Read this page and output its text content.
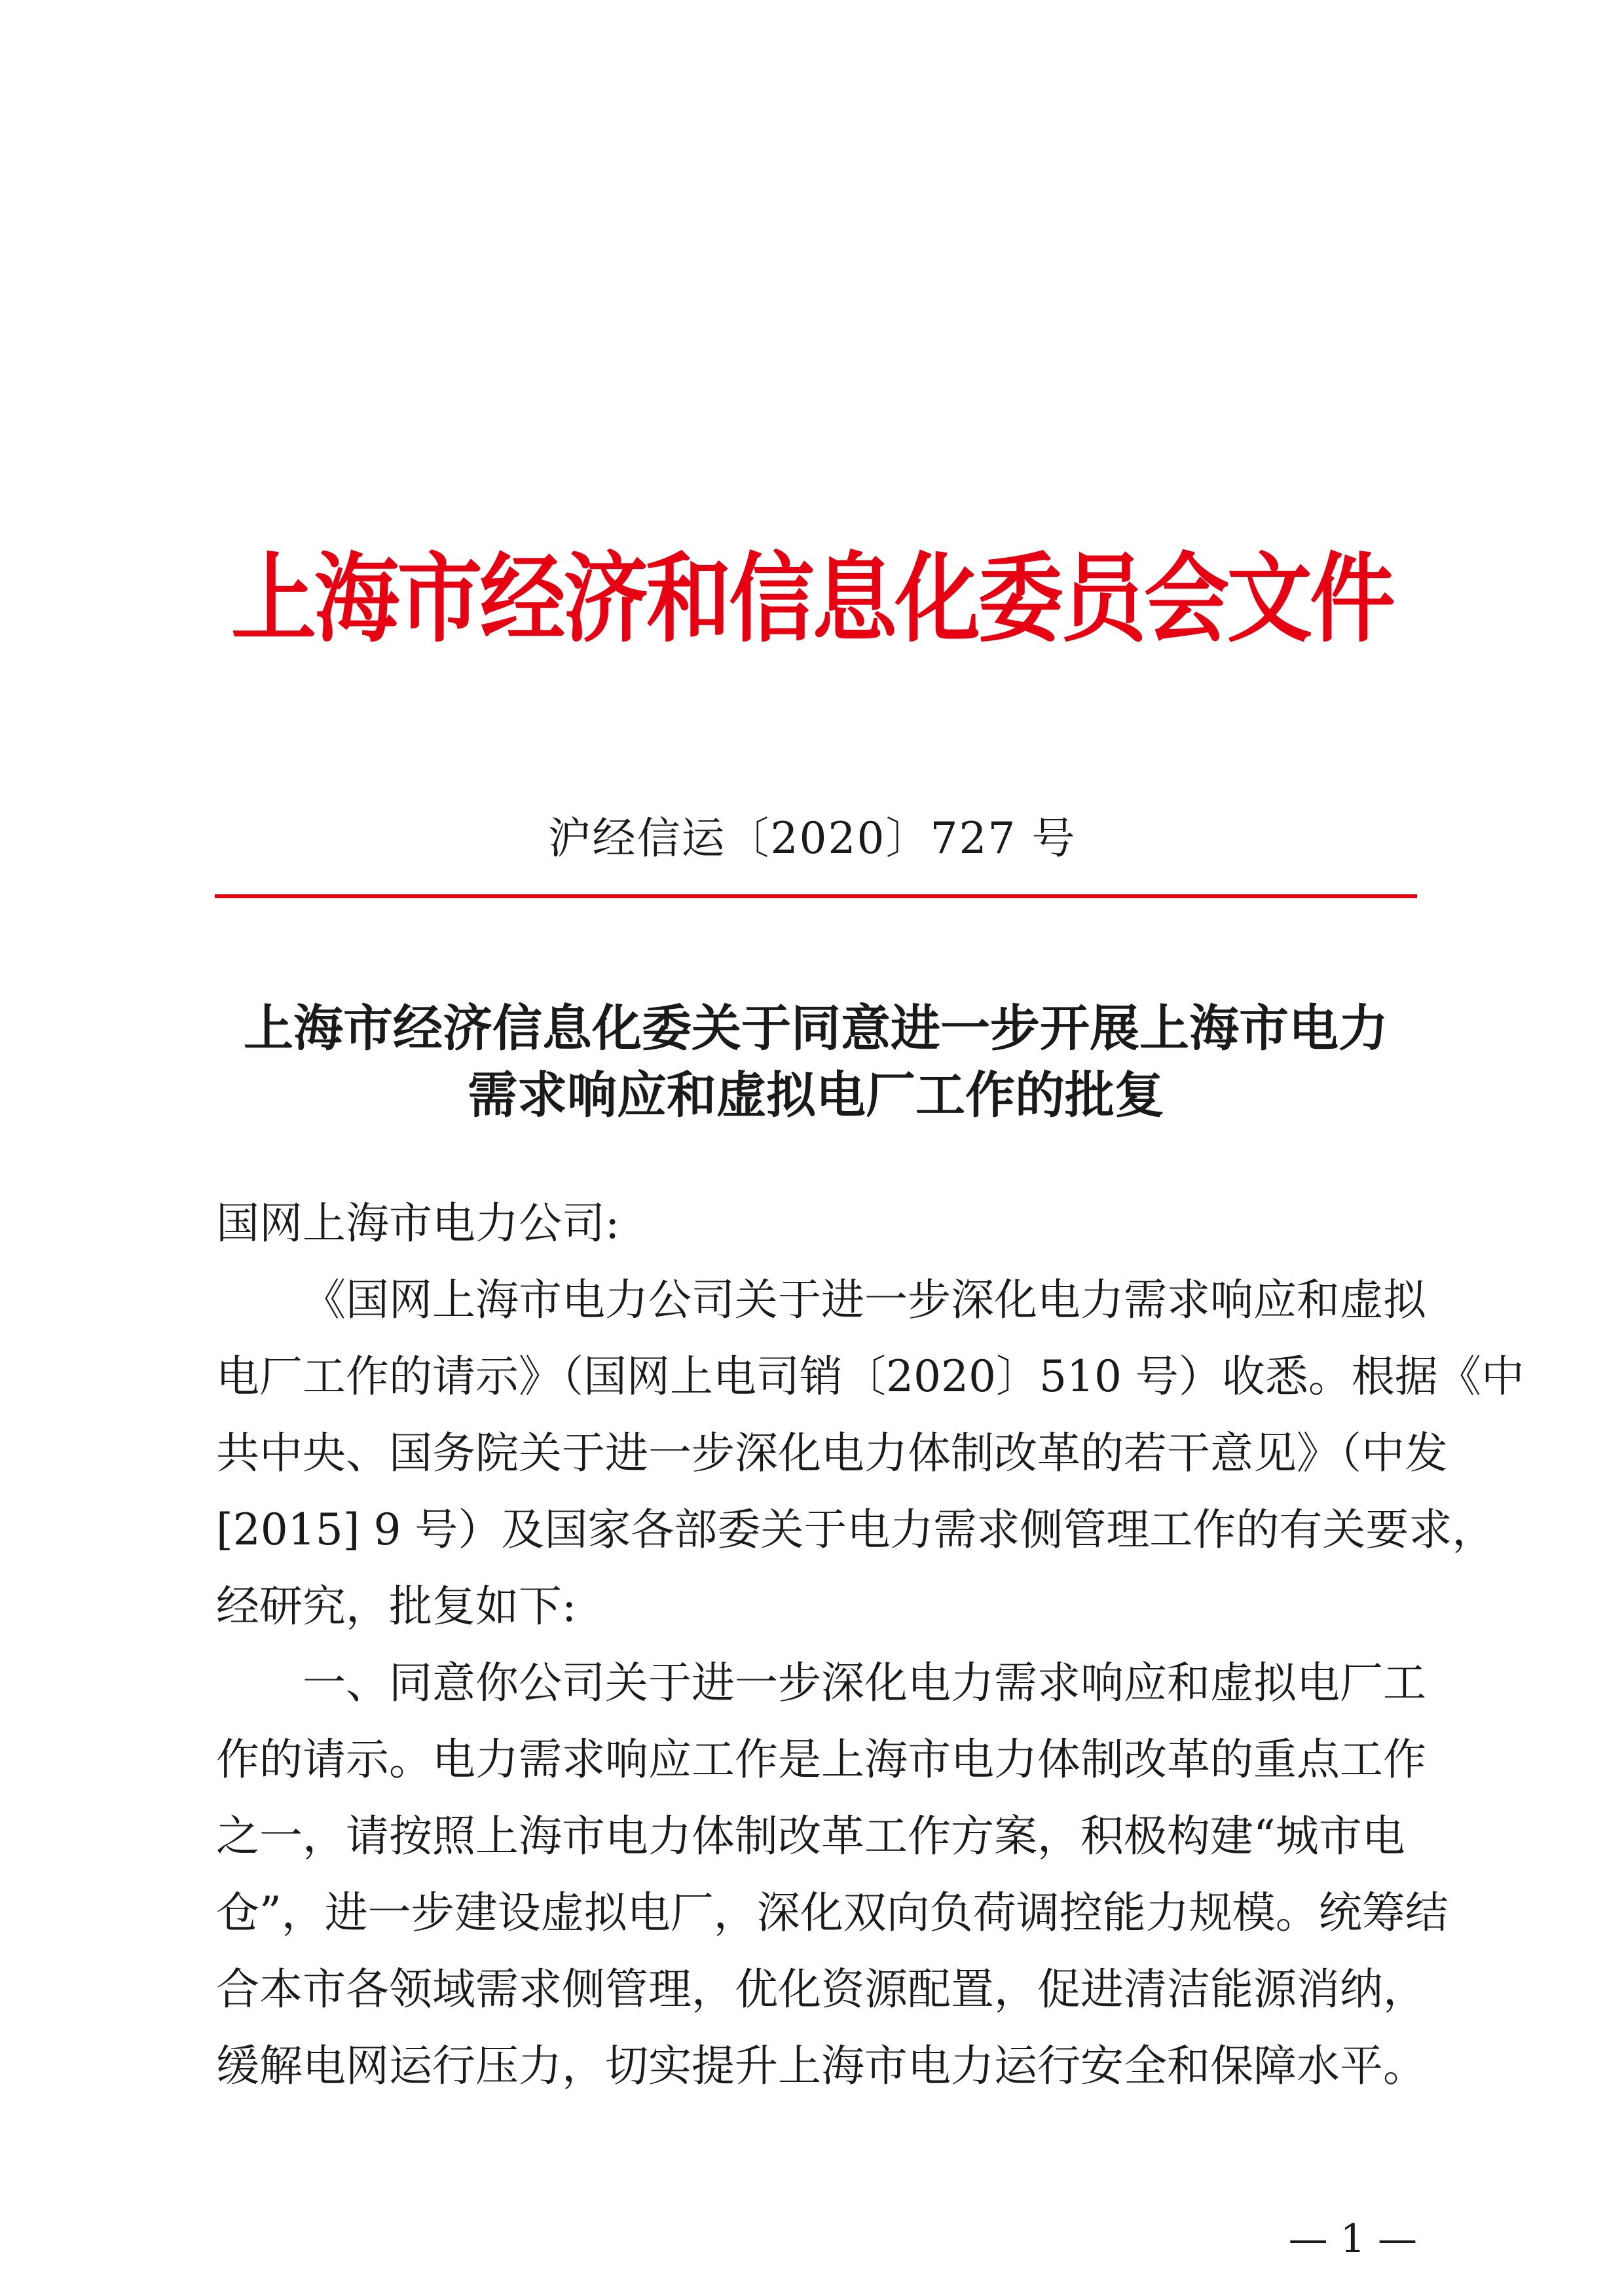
上海市经济和信息化委员会文件
沪经信运〔2020〕727 号
上海市经济信息化委关于同意进一步开展上海市电力
需求响应和虚拟电厂工作的批复
国网上海市电力公司:
《国网上海市电力公司关于进一步深化电力需求响应和虚拟
电厂工作的请示》（国网上电司销〔2020〕510 号）收悉。根据《中
共中央、国务院关于进一步深化电力体制改革的若干意见》（中发
[2015] 9 号）及国家各部委关于电力需求侧管理工作的有关要求，
经研究，批复如下:
一、同意你公司关于进一步深化电力需求响应和虚拟电厂工
作的请示。电力需求响应工作是上海市电力体制改革的重点工作
之一，请按照上海市电力体制改革工作方案，积极构建“城市电
仓”，进一步建设虚拟电厂，深化双向负荷调控能力规模。统筹结
合本市各领域需求侧管理，优化资源配置，促进清洁能源消纳，
缓解电网运行压力，切实提升上海市电力运行安全和保障水平。
— 1 —
